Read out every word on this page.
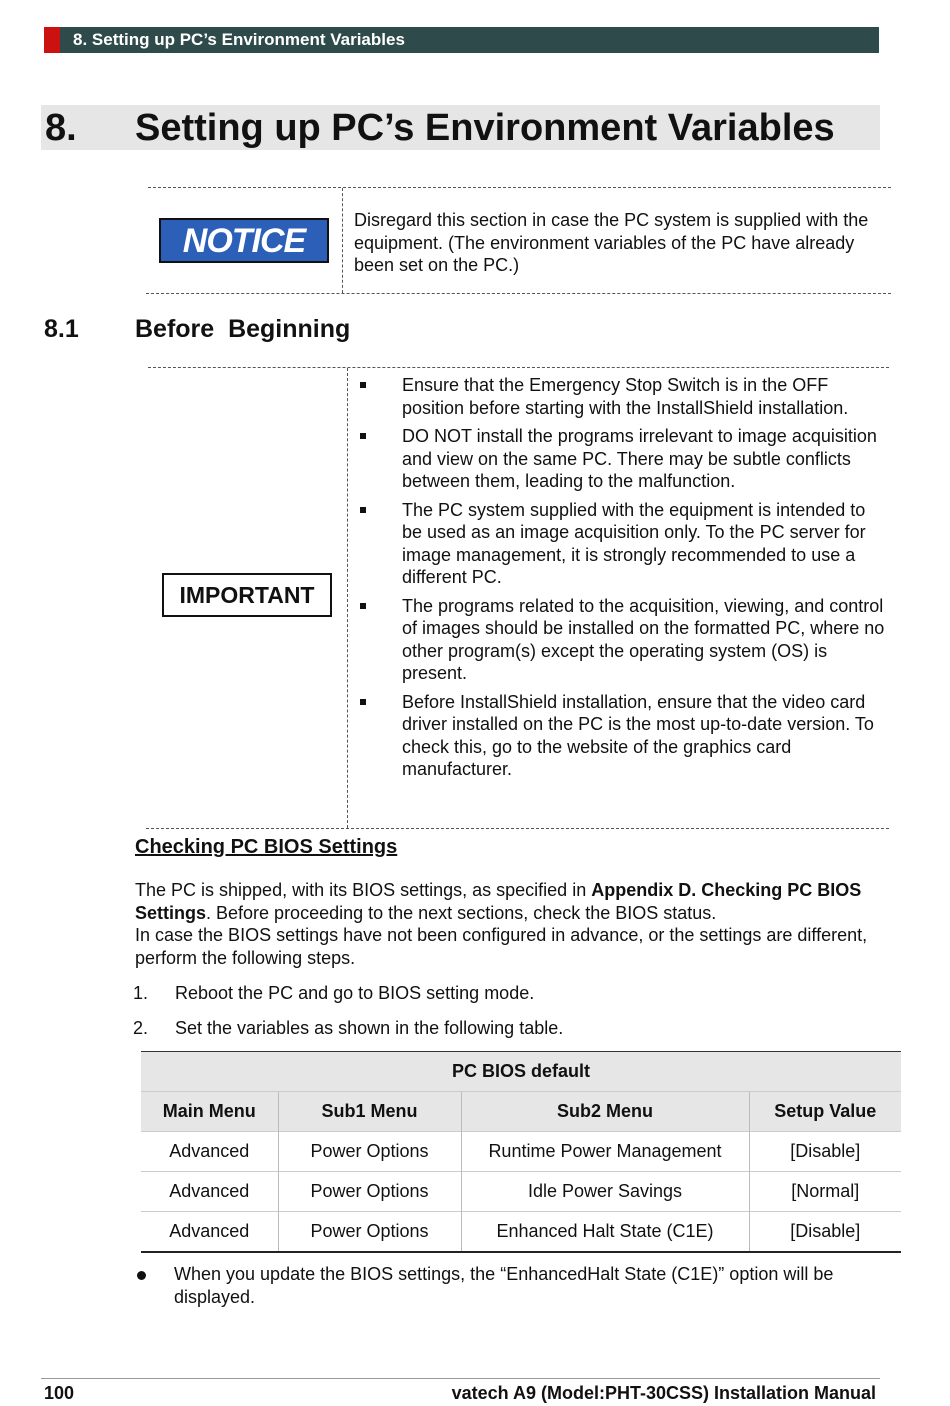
8. Setting up PC’s Environment Variables
8. Setting up PC’s Environment Variables
NOTICE
Disregard this section in case the PC system is supplied with the equipment. (The environment variables of the PC have already been set on the PC.)
8.1 Before  Beginning
IMPORTANT
Ensure that the Emergency Stop Switch is in the OFF position before starting with the InstallShield installation.
DO NOT install the programs irrelevant to image acquisition and view on the same PC. There may be subtle conflicts between them, leading to the malfunction.
The PC system supplied with the equipment is intended to be used as an image acquisition only. To the PC server for image management, it is strongly recommended to use a different PC.
The programs related to the acquisition, viewing, and control of images should be installed on the formatted PC, where no other program(s) except the operating system (OS) is present.
Before InstallShield installation, ensure that the video card driver installed on the PC is the most up-to-date version. To check this, go to the website of the graphics card manufacturer.
Checking PC BIOS Settings
The PC is shipped, with its BIOS settings, as specified in Appendix D. Checking PC BIOS Settings. Before proceeding to the next sections, check the BIOS status.
In case the BIOS settings have not been configured in advance, or the settings are different, perform the following steps.
1. Reboot the PC and go to BIOS setting mode.
2. Set the variables as shown in the following table.
PC BIOS default			
Main Menu	Sub1 Menu	Sub2 Menu	Setup Value
Advanced	Power Options	Runtime Power Management	[Disable]
Advanced	Power Options	Idle Power Savings	[Normal]
Advanced	Power Options	Enhanced Halt State (C1E)	[Disable]
When you update the BIOS settings, the “EnhancedHalt State (C1E)” option will be displayed.
100	vatech A9 (Model:PHT-30CSS) Installation Manual
